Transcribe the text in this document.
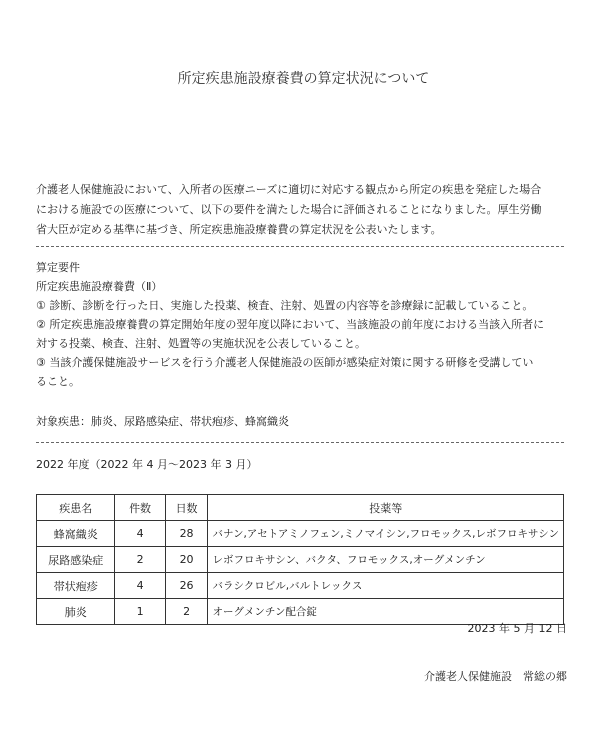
所定疾患施設療養費の算定状況について

介護老人保健施設において、入所者の医療ニーズに適切に対応する観点から所定の疾患を発症した場合

における施設での医療について、以下の要件を満たした場合に評価されることになりました。厚生労働

省大臣が定める基準に基づき、所定疾患施設療養費の算定状況を公表いたします。

算定要件
所定疾患施設療養費（Ⅱ）
① 診断、診断を行った日、実施した投薬、検査、注射、処置の内容等を診療録に記載していること。
② 所定疾患施設療養費の算定開始年度の翌年度以降において、当該施設の前年度における当該入所者に
対する投薬、検査、注射、処置等の実施状況を公表していること。
③ 当該介護保健施設サービスを行う介護老人保健施設の医師が感染症対策に関する研修を受講してい
ること。
対象疾患：肺炎、尿路感染症、帯状疱疹、蜂窩織炎
2022 年度（2022 年 4 月～2023 年 3 月）
疾患名	件数	日数	投薬等
蜂窩織炎	4	28	バナン,アセトアミノフェン,ミノマイシン,フロモックス,レボフロキサシン
尿路感染症	2	20	レボフロキサシン、バクタ、フロモックス,オーグメンチン
帯状疱疹	4	26	バラシクロビル,バルトレックス
肺炎	1	2	オーグメンチン配合錠
2023 年 5 月 12 日
介護老人保健施設　常総の郷
